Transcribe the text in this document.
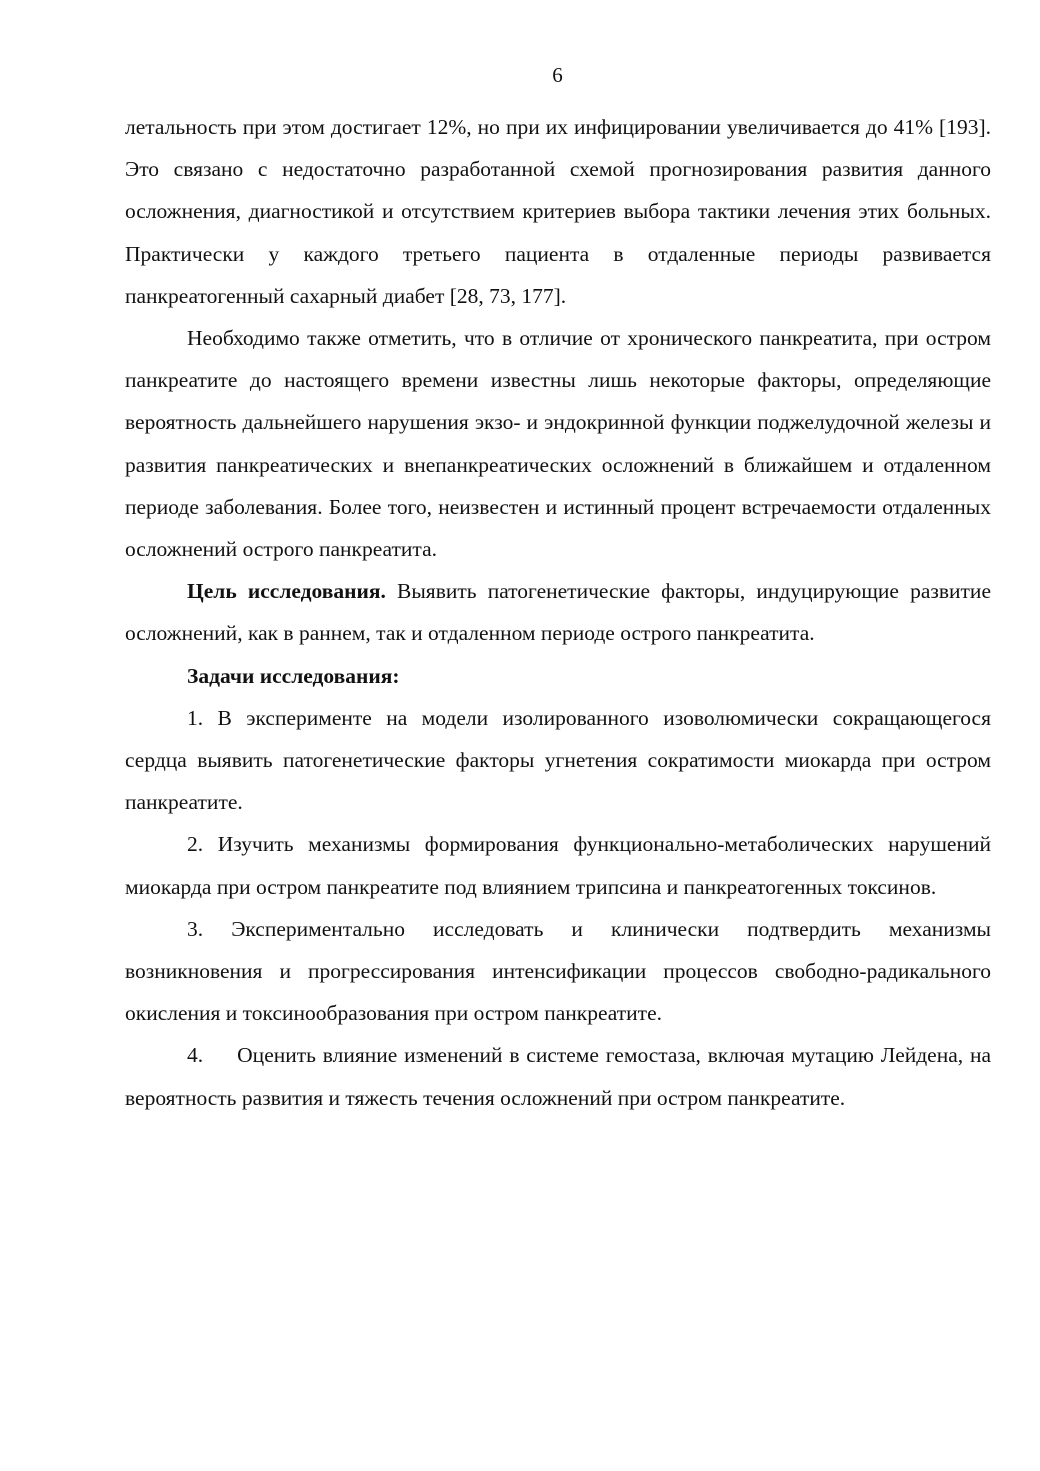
6

летальность при этом достигает 12%, но при их инфицировании увеличивается до 41% [193]. Это связано с недостаточно разработанной схемой прогнозирования развития данного осложнения, диагностикой и отсутствием критериев выбора тактики лечения этих больных. Практически у каждого третьего пациента в отдаленные периоды развивается панкреатогенный сахарный диабет [28, 73, 177].

Необходимо также отметить, что в отличие от хронического панкреатита, при остром панкреатите до настоящего времени известны лишь некоторые факторы, определяющие вероятность дальнейшего нарушения экзо- и эндокринной функции поджелудочной железы и развития панкреатических и внепанкреатических осложнений в ближайшем и отдаленном периоде заболевания. Более того, неизвестен и истинный процент встречаемости отдаленных осложнений острого панкреатита.

Цель исследования. Выявить патогенетические факторы, индуцирующие развитие осложнений, как в раннем, так и отдаленном периоде острого панкреатита.

Задачи исследования:

1. В эксперименте на модели изолированного изоволюмически сокращающегося сердца выявить патогенетические факторы угнетения сократимости миокарда при остром панкреатите.

2. Изучить механизмы формирования функционально-метаболических нарушений миокарда при остром панкреатите под влиянием трипсина и панкреатогенных токсинов.

3. Экспериментально исследовать и клинически подтвердить механизмы возникновения и прогрессирования интенсификации процессов свободно-радикального окисления и токсинообразования при остром панкреатите.

4.     Оценить влияние изменений в системе гемостаза, включая мутацию Лейдена, на вероятность развития и тяжесть течения осложнений при остром панкреатите.
